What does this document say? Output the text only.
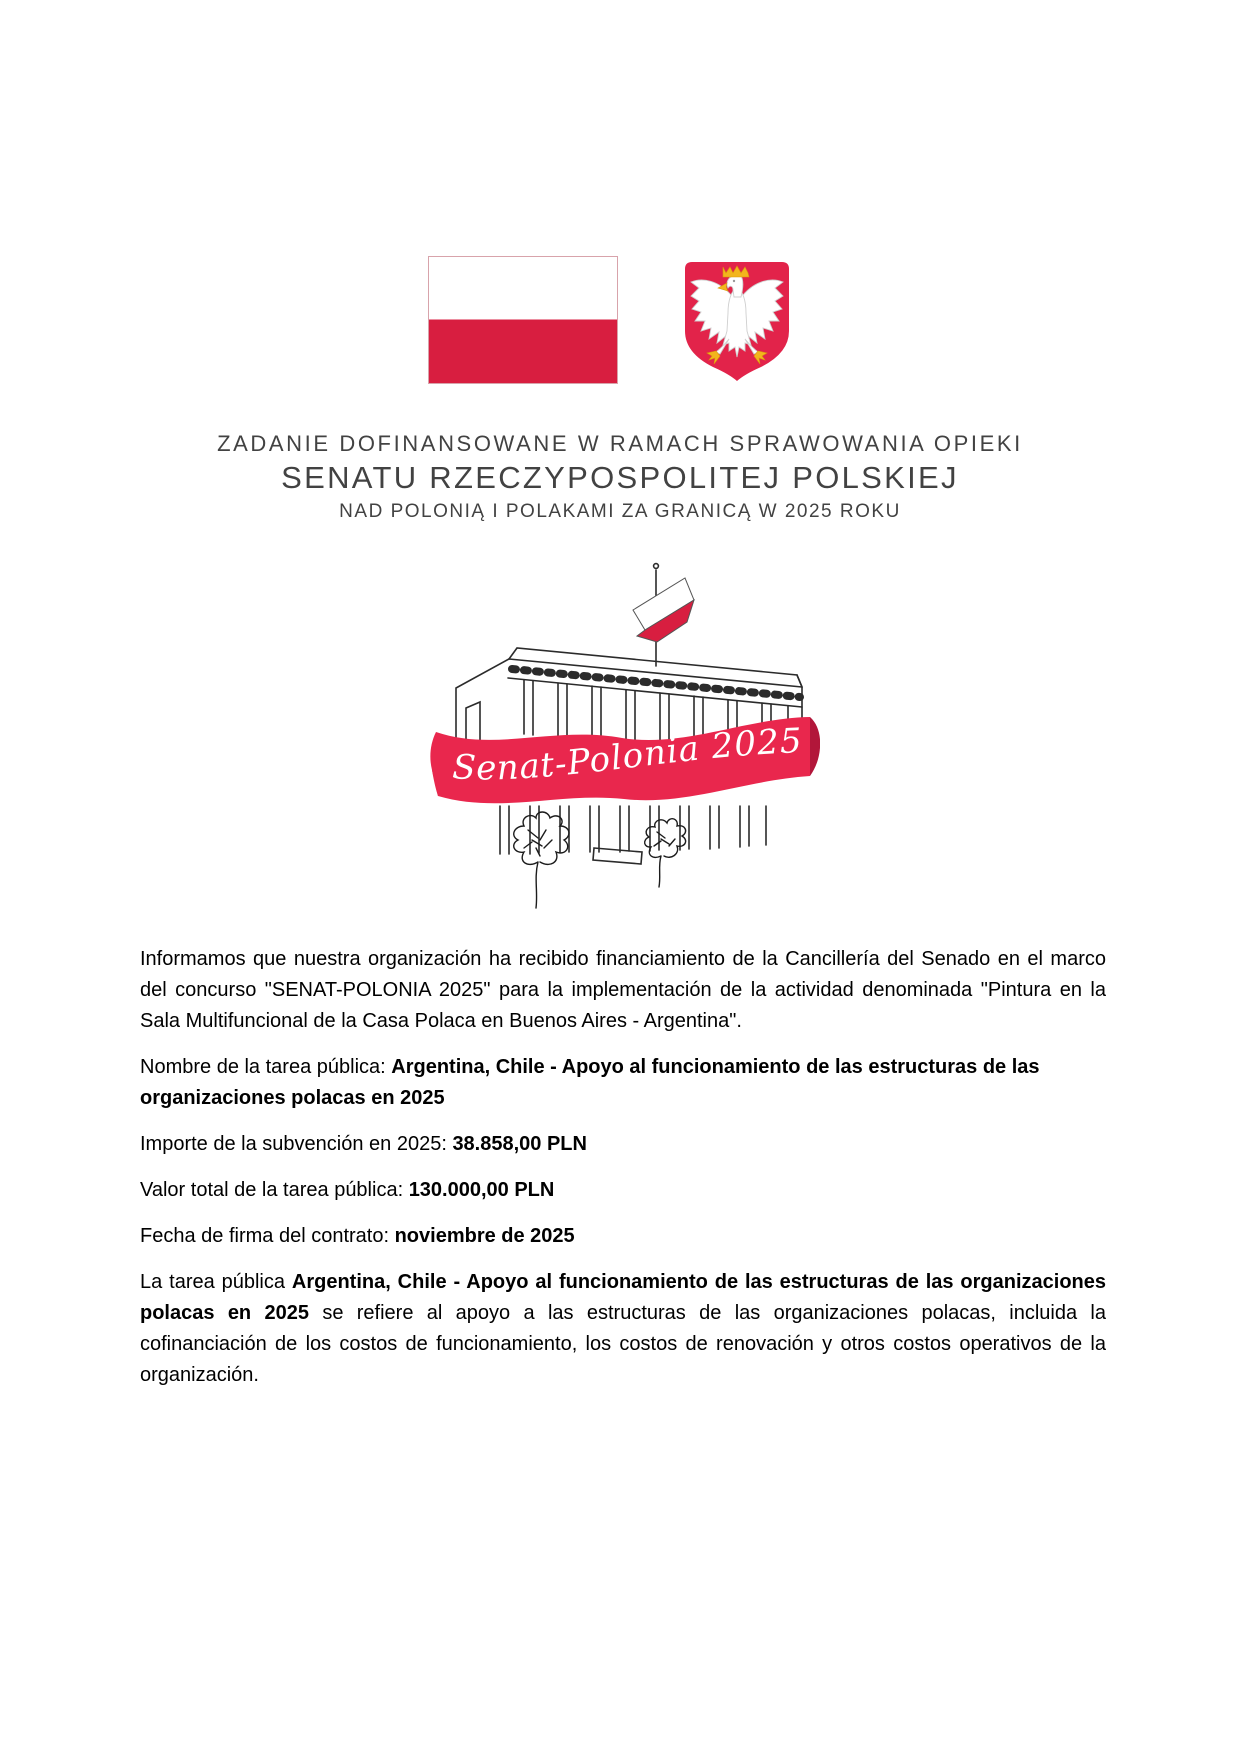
ZADANIE DOFINANSOWANE W RAMACH SPRAWOWANIA OPIEKI
SENATU RZECZYPOSPOLITEJ POLSKIEJ
NAD POLONIĄ I POLAKAMI ZA GRANICĄ W 2025 ROKU
Senat-Polonia 2025

Informamos que nuestra organización ha recibido financiamiento de la Cancillería del Senado en el marco del concurso "SENAT-POLONIA 2025" para la implementación de la actividad denominada "Pintura en la Sala Multifuncional de la Casa Polaca en Buenos Aires - Argentina".

Nombre de la tarea pública: Argentina, Chile - Apoyo al funcionamiento de las estructuras de las organizaciones polacas en 2025

Importe de la subvención en 2025: 38.858,00 PLN

Valor total de la tarea pública: 130.000,00 PLN

Fecha de firma del contrato: noviembre de 2025

La tarea pública Argentina, Chile - Apoyo al funcionamiento de las estructuras de las organizaciones polacas en 2025 se refiere al apoyo a las estructuras de las organizaciones polacas, incluida la cofinanciación de los costos de funcionamiento, los costos de renovación y otros costos operativos de la organización.
